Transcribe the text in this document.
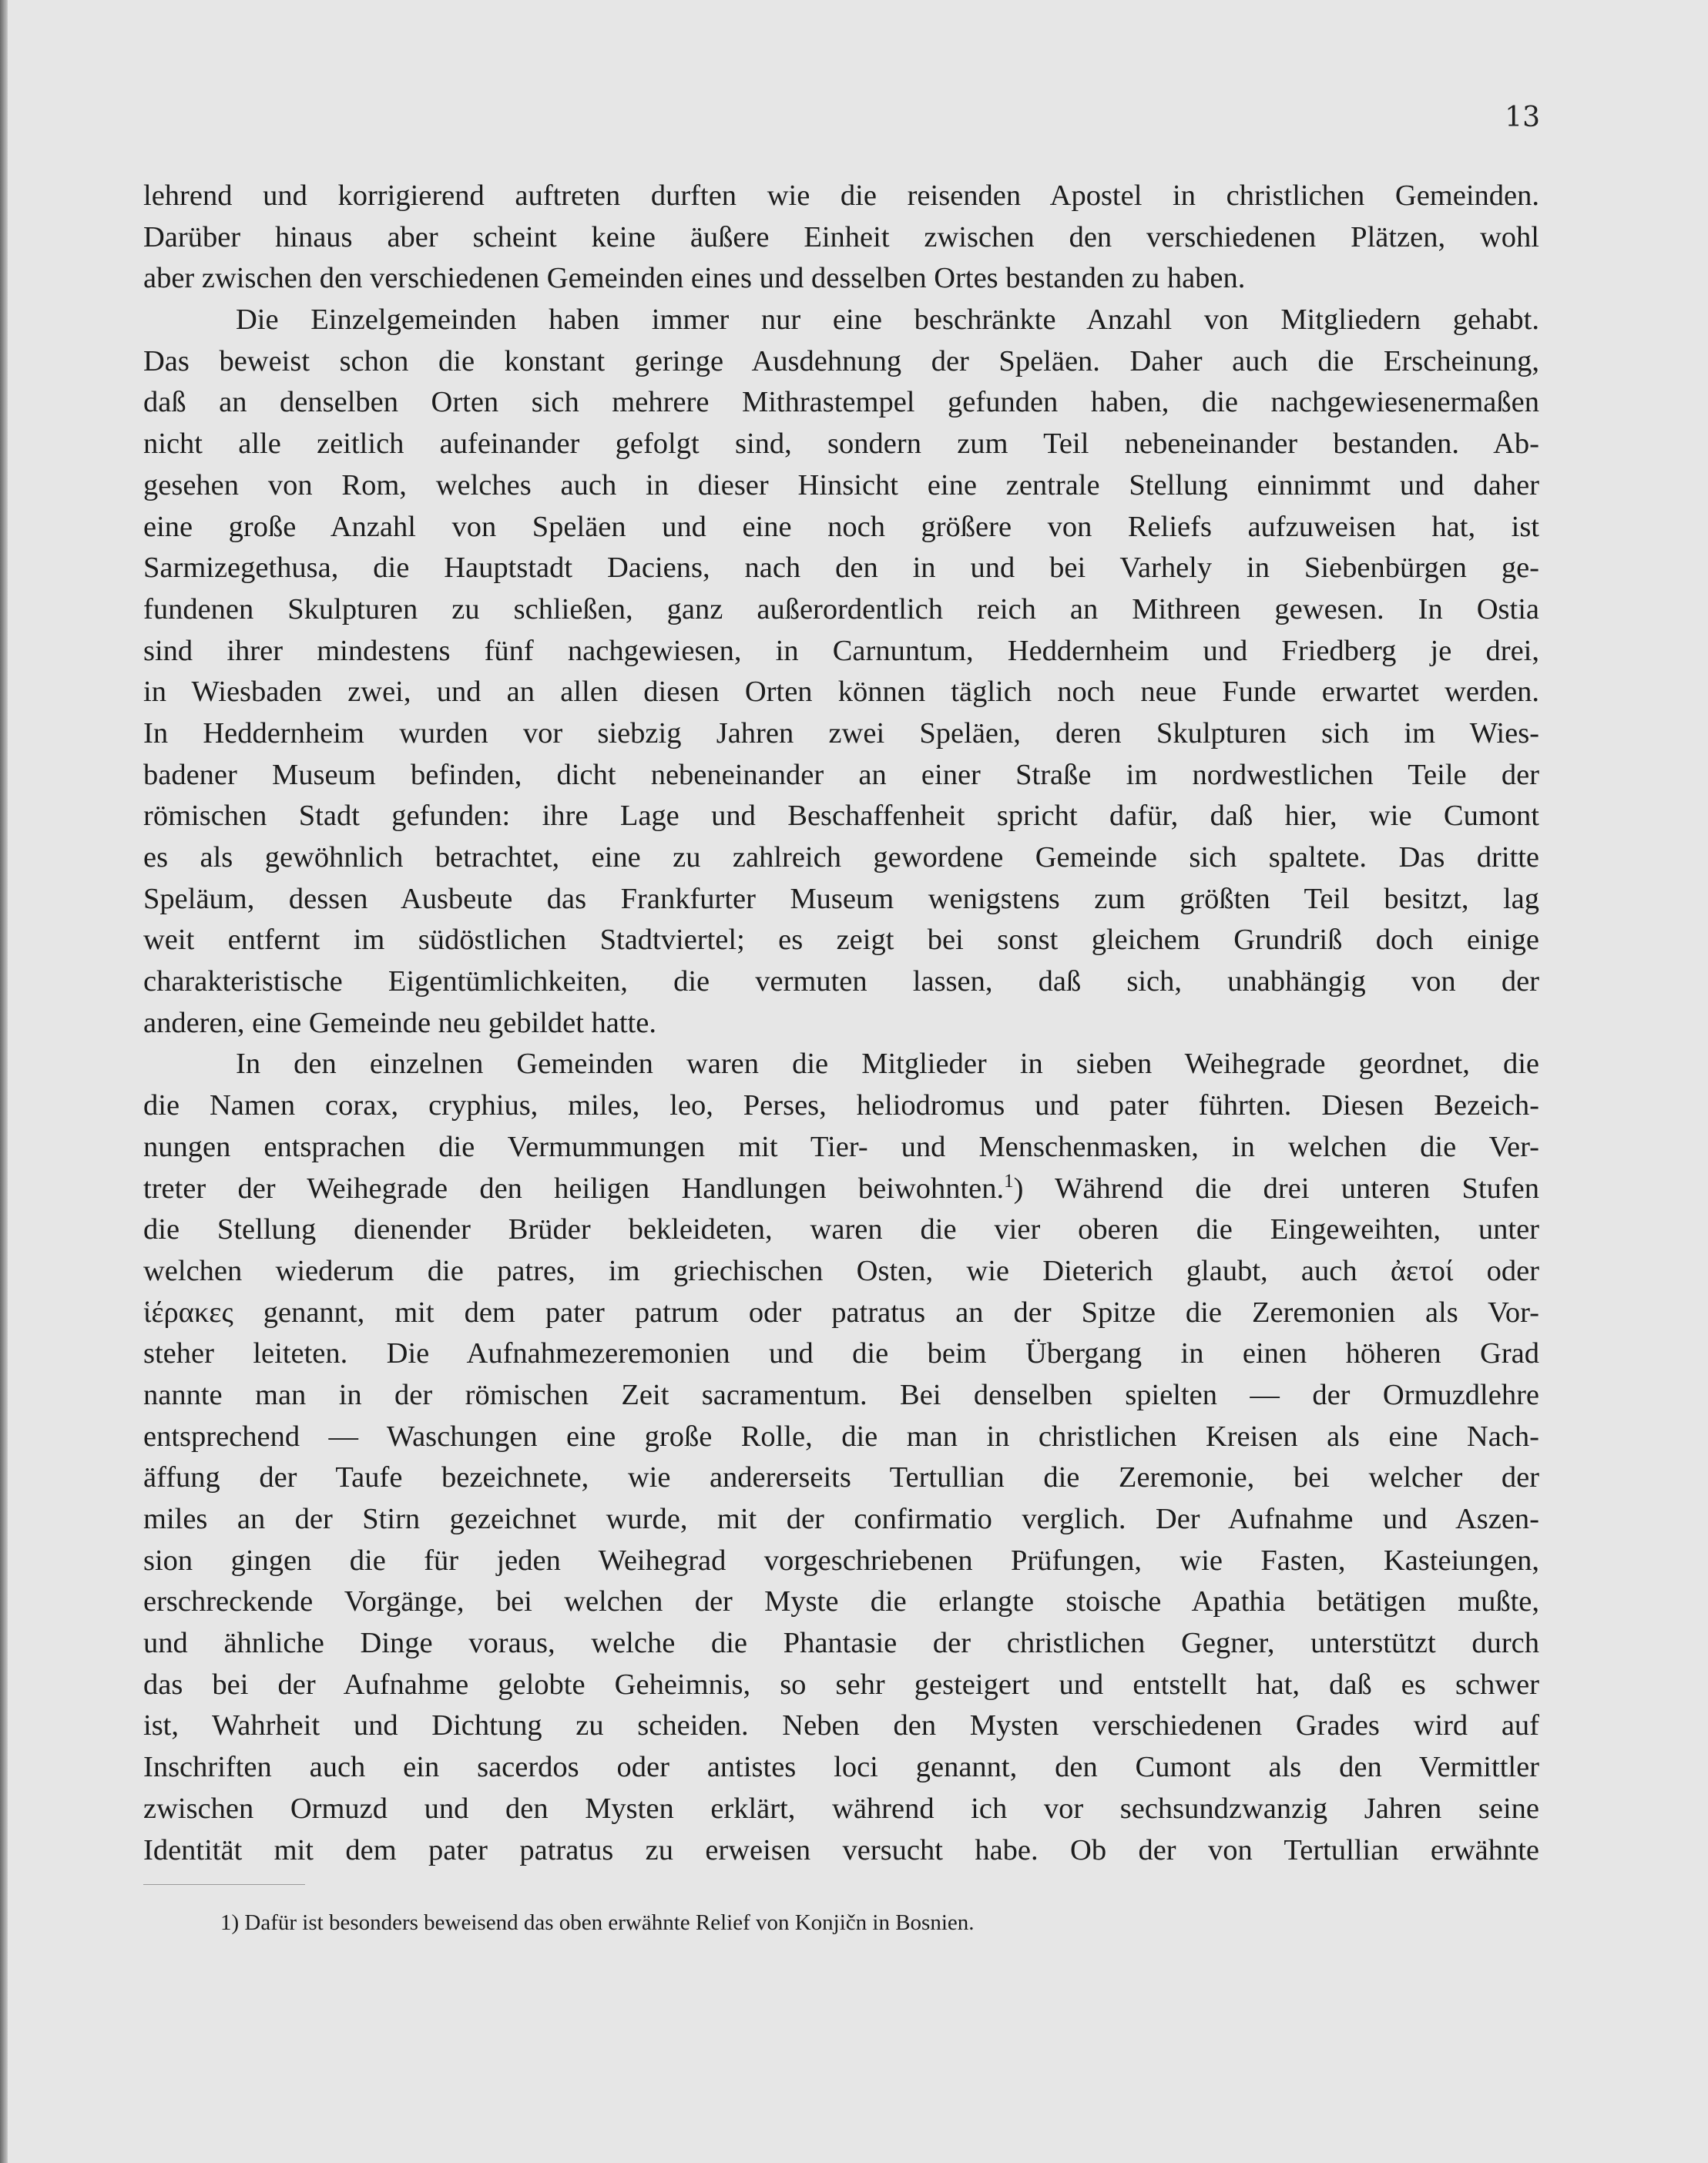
13
lehrend und korrigierend auftreten durften wie die reisenden Apostel in christlichen Gemeinden.
Darüber hinaus aber scheint keine äußere Einheit zwischen den verschiedenen Plätzen, wohl
aber zwischen den verschiedenen Gemeinden eines und desselben Ortes bestanden zu haben.
Die Einzelgemeinden haben immer nur eine beschränkte Anzahl von Mitgliedern gehabt.
Das beweist schon die konstant geringe Ausdehnung der Speläen. Daher auch die Erscheinung,
daß an denselben Orten sich mehrere Mithrastempel gefunden haben, die nachgewiesenermaßen
nicht alle zeitlich aufeinander gefolgt sind, sondern zum Teil nebeneinander bestanden. Ab-
gesehen von Rom, welches auch in dieser Hinsicht eine zentrale Stellung einnimmt und daher
eine große Anzahl von Speläen und eine noch größere von Reliefs aufzuweisen hat, ist
Sarmizegethusa, die Hauptstadt Daciens, nach den in und bei Varhely in Siebenbürgen ge-
fundenen Skulpturen zu schließen, ganz außerordentlich reich an Mithreen gewesen. In Ostia
sind ihrer mindestens fünf nachgewiesen, in Carnuntum, Heddernheim und Friedberg je drei,
in Wiesbaden zwei, und an allen diesen Orten können täglich noch neue Funde erwartet werden.
In Heddernheim wurden vor siebzig Jahren zwei Speläen, deren Skulpturen sich im Wies-
badener Museum befinden, dicht nebeneinander an einer Straße im nordwestlichen Teile der
römischen Stadt gefunden: ihre Lage und Beschaffenheit spricht dafür, daß hier, wie Cumont
es als gewöhnlich betrachtet, eine zu zahlreich gewordene Gemeinde sich spaltete. Das dritte
Speläum, dessen Ausbeute das Frankfurter Museum wenigstens zum größten Teil besitzt, lag
weit entfernt im südöstlichen Stadtviertel; es zeigt bei sonst gleichem Grundriß doch einige
charakteristische Eigentümlichkeiten, die vermuten lassen, daß sich, unabhängig von der
anderen, eine Gemeinde neu gebildet hatte.
In den einzelnen Gemeinden waren die Mitglieder in sieben Weihegrade geordnet, die
die Namen corax, cryphius, miles, leo, Perses, heliodromus und pater führten. Diesen Bezeich-
nungen entsprachen die Vermummungen mit Tier- und Menschenmasken, in welchen die Ver-
treter der Weihegrade den heiligen Handlungen beiwohnten.$^1$) Während die drei unteren Stufen
die Stellung dienender Brüder bekleideten, waren die vier oberen die Eingeweihten, unter
welchen wiederum die patres, im griechischen Osten, wie Dieterich glaubt, auch ἀετοί oder
ἱέρακες genannt, mit dem pater patrum oder patratus an der Spitze die Zeremonien als Vor-
steher leiteten. Die Aufnahmezeremonien und die beim Übergang in einen höheren Grad
nannte man in der römischen Zeit sacramentum. Bei denselben spielten — der Ormuzdlehre
entsprechend — Waschungen eine große Rolle, die man in christlichen Kreisen als eine Nach-
äffung der Taufe bezeichnete, wie andererseits Tertullian die Zeremonie, bei welcher der
miles an der Stirn gezeichnet wurde, mit der confirmatio verglich. Der Aufnahme und Aszen-
sion gingen die für jeden Weihegrad vorgeschriebenen Prüfungen, wie Fasten, Kasteiungen,
erschreckende Vorgänge, bei welchen der Myste die erlangte stoische Apathia betätigen mußte,
und ähnliche Dinge voraus, welche die Phantasie der christlichen Gegner, unterstützt durch
das bei der Aufnahme gelobte Geheimnis, so sehr gesteigert und entstellt hat, daß es schwer
ist, Wahrheit und Dichtung zu scheiden. Neben den Mysten verschiedenen Grades wird auf
Inschriften auch ein sacerdos oder antistes loci genannt, den Cumont als den Vermittler
zwischen Ormuzd und den Mysten erklärt, während ich vor sechsundzwanzig Jahren seine
Identität mit dem pater patratus zu erweisen versucht habe. Ob der von Tertullian erwähnte
1) Dafür ist besonders beweisend das oben erwähnte Relief von Konjičn in Bosnien.
